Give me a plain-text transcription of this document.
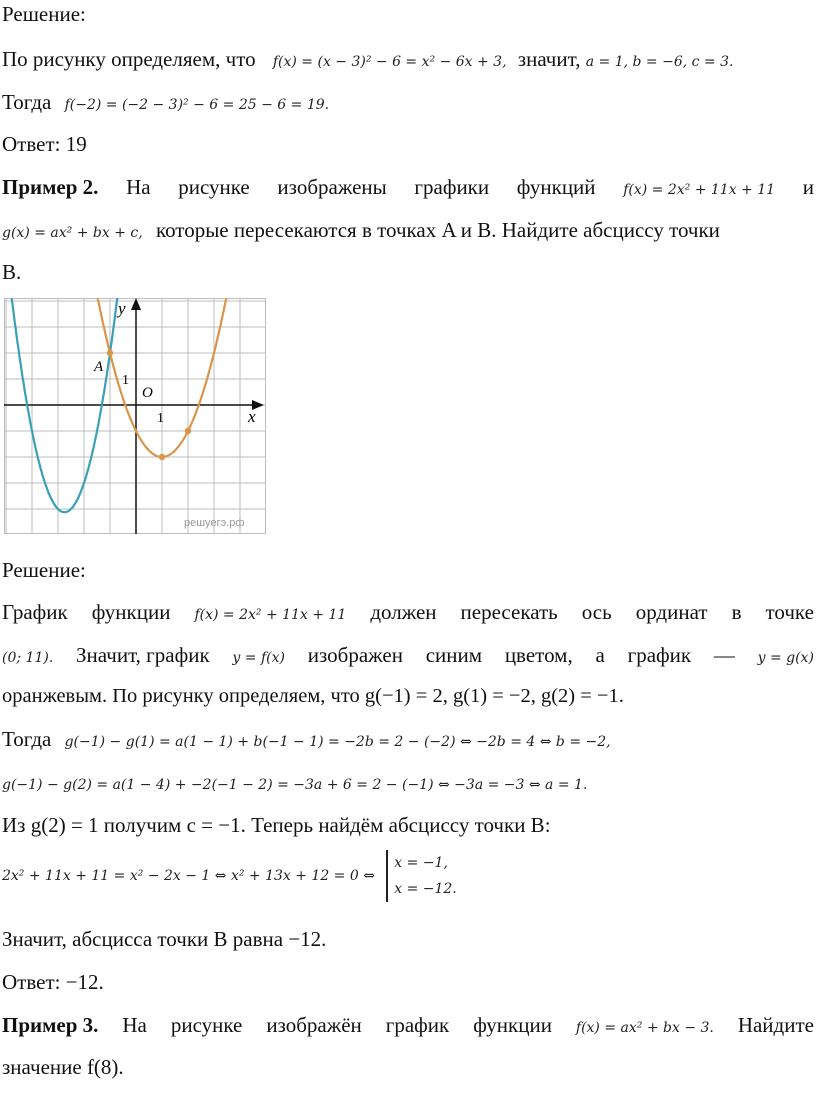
Решение:
По рисунку определяем, что f(x) = (x − 3)² − 6 = x² − 6x + 3, значит, a = 1, b = −6, c = 3.
Тогда f(−2) = (−2 − 3)² − 6 = 25 − 6 = 19.
Ответ: 19
Пример 2. На рисунке изображены графики функций f(x) = 2x² + 11x + 11 и
g(x) = ax² + bx + c, которые пересекаются в точках A и B. Найдите абсциссу точки
B.
x
y
O
1
1
A
решуегэ.рф
Решение:
График функции f(x) = 2x² + 11x + 11 должен пересекать ось ординат в точке
(0; 11). Значит, график y = f(x) изображен синим цветом, а график — y = g(x)
оранжевым. По рисунку определяем, что g(−1) = 2, g(1) = −2, g(2) = −1.
Тогда g(−1) − g(1) = a(1 − 1) + b(−1 − 1) = −2b = 2 − (−2) ⇔ −2b = 4 ⇔ b = −2,
g(−1) − g(2) = a(1 − 4) + −2(−1 − 2) = −3a + 6 = 2 − (−1) ⇔ −3a = −3 ⇔ a = 1.
Из g(2) = 1 получим c = −1. Теперь найдём абсциссу точки B:
2x² + 11x + 11 = x² − 2x − 1 ⇔ x² + 13x + 12 = 0 ⇔
x = −1,
x = −12.
Значит, абсцисса точки B равна −12.
Ответ: −12.
Пример 3. На рисунке изображён график функции f(x) = ax² + bx − 3. Найдите
значение f(8).
